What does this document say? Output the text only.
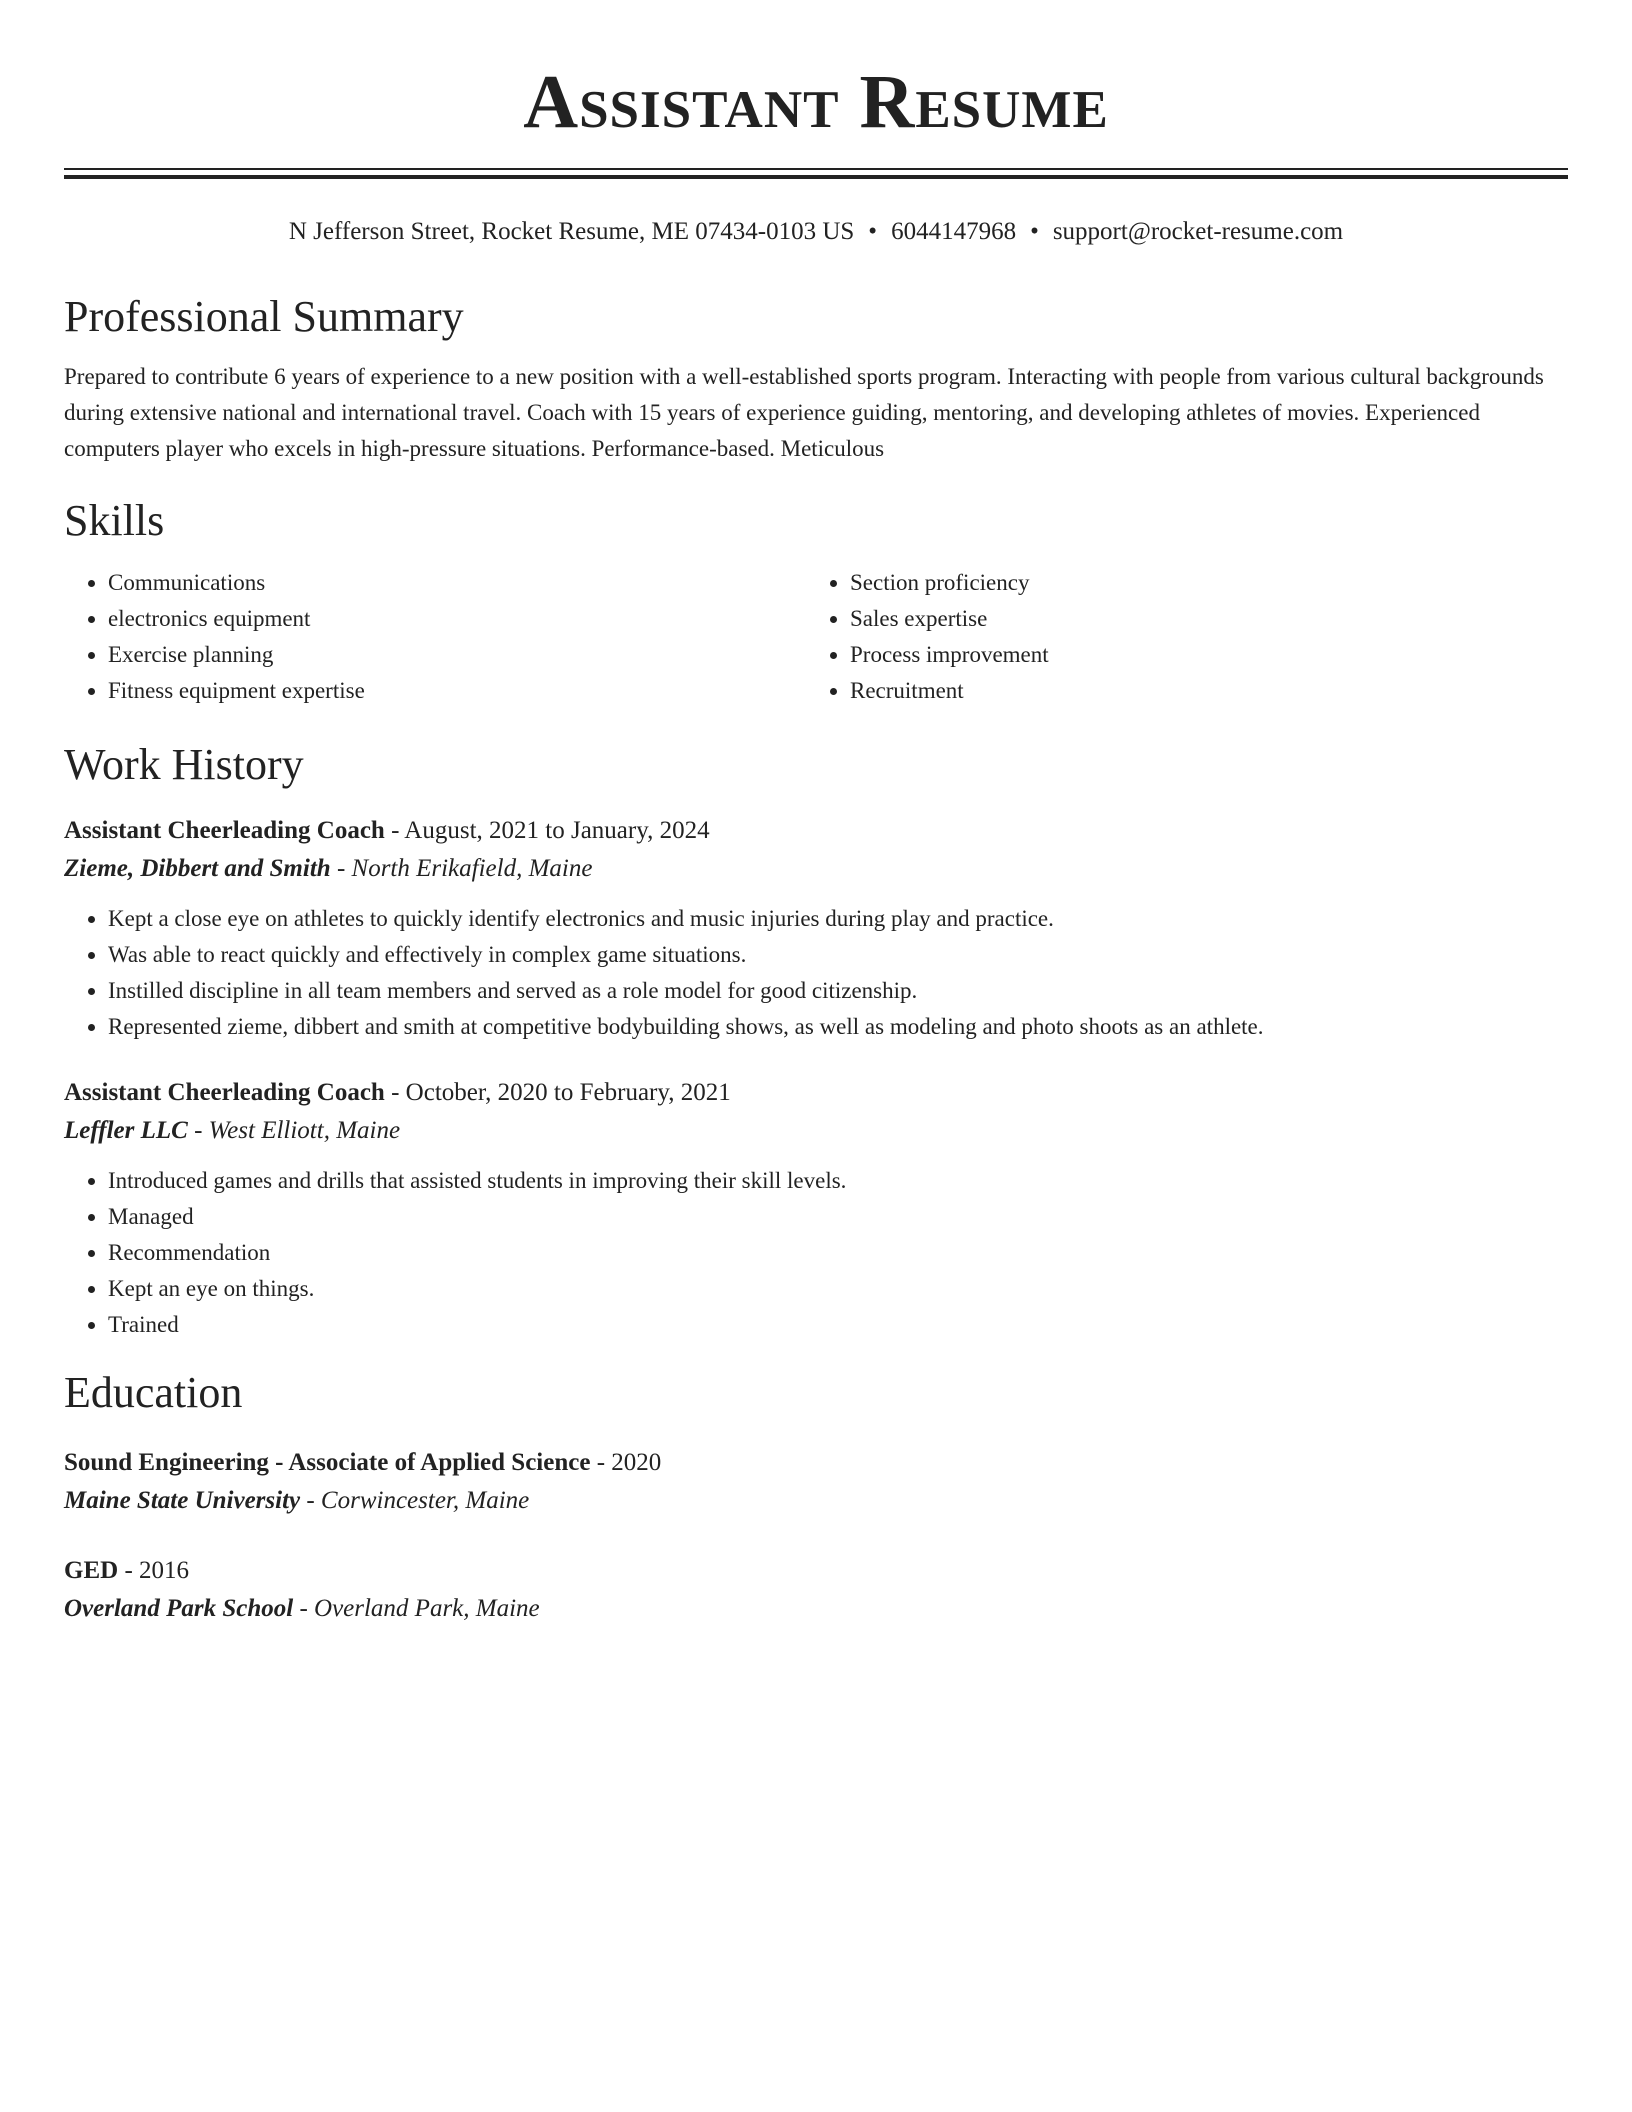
Assistant Resume
N Jefferson Street, Rocket Resume, ME 07434-0103 US • 6044147968 • support@rocket-resume.com
Professional Summary

Prepared to contribute 6 years of experience to a new position with a well-established sports program. Interacting with people from various cultural backgrounds during extensive national and international travel. Coach with 15 years of experience guiding, mentoring, and developing athletes of movies. Experienced computers player who excels in high-pressure situations. Performance-based. Meticulous

Skills
• Communications
• electronics equipment
• Exercise planning
• Fitness equipment expertise
• Section proficiency
• Sales expertise
• Process improvement
• Recruitment
Work History
Assistant Cheerleading Coach - August, 2021 to January, 2024
Zieme, Dibbert and Smith - North Erikafield, Maine
• Kept a close eye on athletes to quickly identify electronics and music injuries during play and practice.
• Was able to react quickly and effectively in complex game situations.
• Instilled discipline in all team members and served as a role model for good citizenship.
• Represented zieme, dibbert and smith at competitive bodybuilding shows, as well as modeling and photo shoots as an athlete.
Assistant Cheerleading Coach - October, 2020 to February, 2021
Leffler LLC - West Elliott, Maine
• Introduced games and drills that assisted students in improving their skill levels.
• Managed
• Recommendation
• Kept an eye on things.
• Trained
Education
Sound Engineering - Associate of Applied Science - 2020
Maine State University - Corwincester, Maine
GED - 2016
Overland Park School - Overland Park, Maine
